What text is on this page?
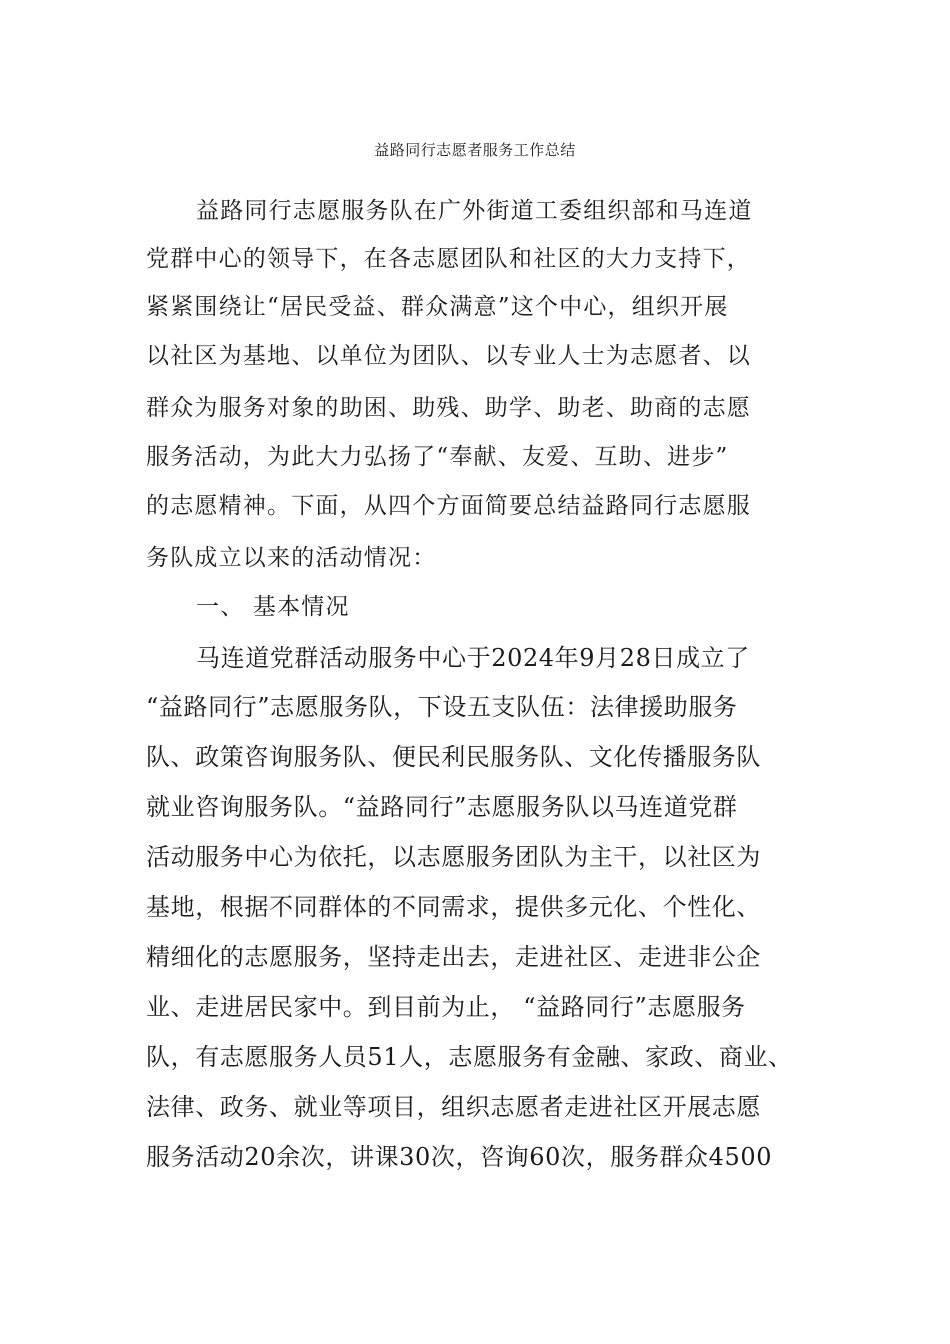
益路同行志愿者服务工作总结
益路同行志愿服务队在广外街道工委组织部和马连道
党群中心的领导下，在各志愿团队和社区的大力支持下，
紧紧围绕让“居民受益、群众满意”这个中心，组织开展
以社区为基地、以单位为团队、以专业人士为志愿者、以
群众为服务对象的助困、助残、助学、助老、助商的志愿
服务活动，为此大力弘扬了“奉献、友爱、互助、进步”
的志愿精神。下面，从四个方面简要总结益路同行志愿服
务队成立以来的活动情况：
一、 基本情况
马连道党群活动服务中心于2024年9月28日成立了
“益路同行”志愿服务队，下设五支队伍：法律援助服务
队、政策咨询服务队、便民利民服务队、文化传播服务队
就业咨询服务队。“益路同行”志愿服务队以马连道党群
活动服务中心为依托，以志愿服务团队为主干，以社区为
基地，根据不同群体的不同需求，提供多元化、个性化、
精细化的志愿服务，坚持走出去，走进社区、走进非公企
业、走进居民家中。到目前为止， “益路同行”志愿服务
队，有志愿服务人员51人，志愿服务有金融、家政、商业、
法律、政务、就业等项目，组织志愿者走进社区开展志愿
服务活动20余次，讲课30次，咨询60次，服务群众4500
